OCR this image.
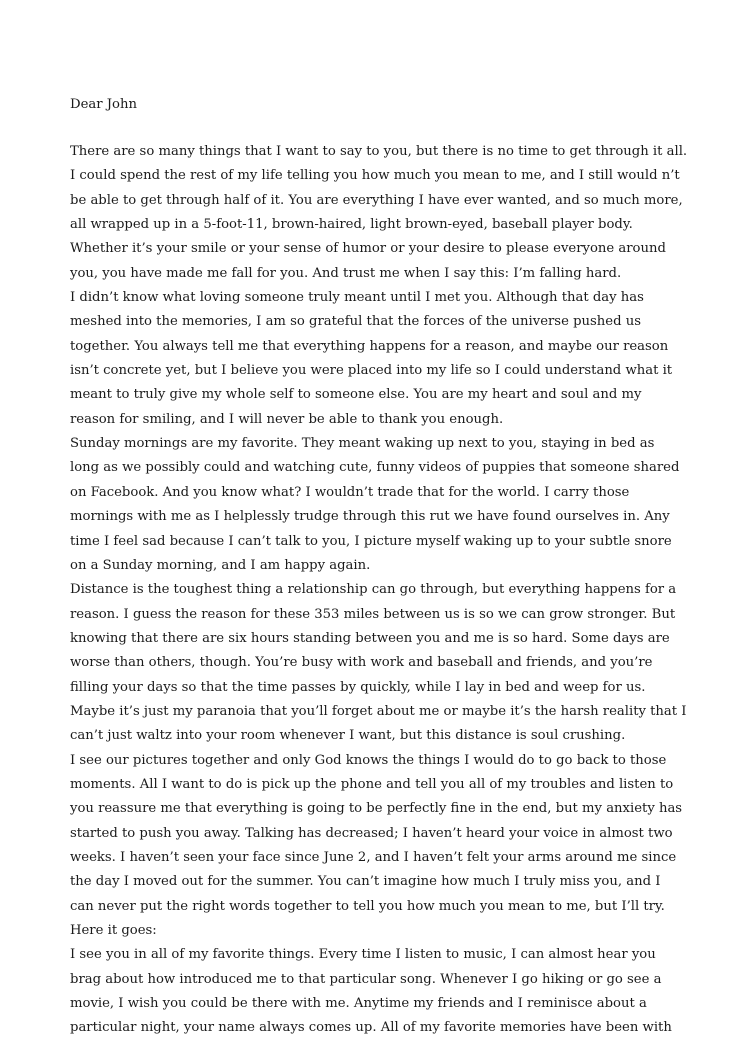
Dear John

There are so many things that I want to say to you, but there is no time to get through it all.

I could spend the rest of my life telling you how much you mean to me, and I still would n’t

be able to get through half of it. You are everything I have ever wanted, and so much more,

all wrapped up in a 5-foot-11, brown-haired, light brown-eyed, baseball player body.

Whether it’s your smile or your sense of humor or your desire to please everyone around

you, you have made me fall for you. And trust me when I say this: I’m falling hard.

I didn’t know what loving someone truly meant until I met you. Although that day has

meshed into the memories, I am so grateful that the forces of the universe pushed us

together. You always tell me that everything happens for a reason, and maybe our reason

isn’t concrete yet, but I believe you were placed into my life so I could understand what it

meant to truly give my whole self to someone else. You are my heart and soul and my

reason for smiling, and I will never be able to thank you enough.

Sunday mornings are my favorite. They meant waking up next to you, staying in bed as

long as we possibly could and watching cute, funny videos of puppies that someone shared

on Facebook. And you know what? I wouldn’t trade that for the world. I carry those

mornings with me as I helplessly trudge through this rut we have found ourselves in. Any

time I feel sad because I can’t talk to you, I picture myself waking up to your subtle snore

on a Sunday morning, and I am happy again.

Distance is the toughest thing a relationship can go through, but everything happens for a

reason. I guess the reason for these 353 miles between us is so we can grow stronger. But

knowing that there are six hours standing between you and me is so hard. Some days are

worse than others, though. You’re busy with work and baseball and friends, and you’re

filling your days so that the time passes by quickly, while I lay in bed and weep for us.

Maybe it’s just my paranoia that you’ll forget about me or maybe it’s the harsh reality that I

can’t just waltz into your room whenever I want, but this distance is soul crushing.

I see our pictures together and only God knows the things I would do to go back to those

moments. All I want to do is pick up the phone and tell you all of my troubles and listen to

you reassure me that everything is going to be perfectly fine in the end, but my anxiety has

started to push you away. Talking has decreased; I haven’t heard your voice in almost two

weeks. I haven’t seen your face since June 2, and I haven’t felt your arms around me since

the day I moved out for the summer. You can’t imagine how much I truly miss you, and I

can never put the right words together to tell you how much you mean to me, but I’ll try.

Here it goes:

I see you in all of my favorite things. Every time I listen to music, I can almost hear you

brag about how introduced me to that particular song. Whenever I go hiking or go see a

movie, I wish you could be there with me. Anytime my friends and I reminisce about a

particular night, your name always comes up. All of my favorite memories have been with
